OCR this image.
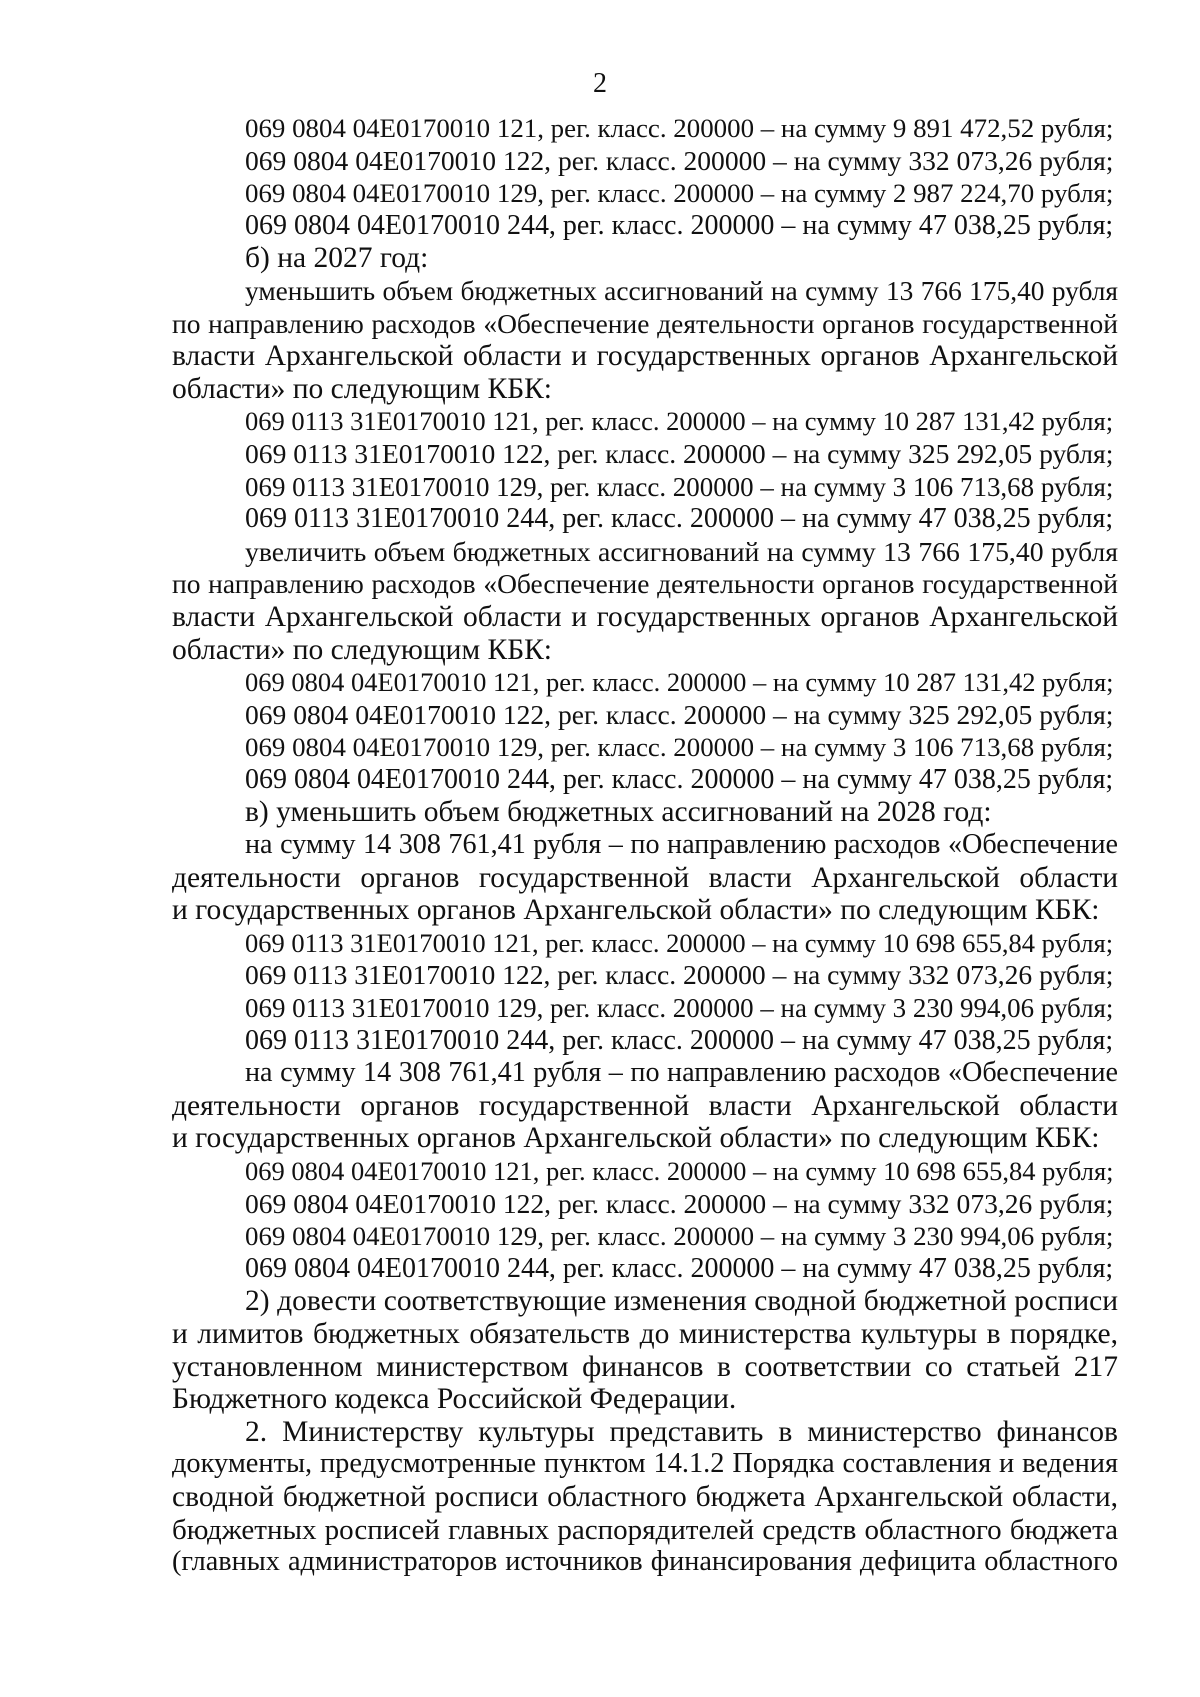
2
069 0804 04Е0170010 121, рег. класс. 200000 – на сумму 9 891 472,52 рубля;
069 0804 04Е0170010 122, рег. класс. 200000 – на сумму 332 073,26 рубля;
069 0804 04Е0170010 129, рег. класс. 200000 – на сумму 2 987 224,70 рубля;
069 0804 04Е0170010 244, рег. класс. 200000 – на сумму 47 038,25 рубля;
б) на 2027 год:
уменьшить объем бюджетных ассигнований на сумму 13 766 175,40 рубля
по направлению расходов «Обеспечение деятельности органов государственной
власти Архангельской области и государственных органов Архангельской
области» по следующим КБК:
069 0113 31Е0170010 121, рег. класс. 200000 – на сумму 10 287 131,42 рубля;
069 0113 31Е0170010 122, рег. класс. 200000 – на сумму 325 292,05 рубля;
069 0113 31Е0170010 129, рег. класс. 200000 – на сумму 3 106 713,68 рубля;
069 0113 31Е0170010 244, рег. класс. 200000 – на сумму 47 038,25 рубля;
увеличить объем бюджетных ассигнований на сумму 13 766 175,40 рубля
по направлению расходов «Обеспечение деятельности органов государственной
власти Архангельской области и государственных органов Архангельской
области» по следующим КБК:
069 0804 04Е0170010 121, рег. класс. 200000 – на сумму 10 287 131,42 рубля;
069 0804 04Е0170010 122, рег. класс. 200000 – на сумму 325 292,05 рубля;
069 0804 04Е0170010 129, рег. класс. 200000 – на сумму 3 106 713,68 рубля;
069 0804 04Е0170010 244, рег. класс. 200000 – на сумму 47 038,25 рубля;
в) уменьшить объем бюджетных ассигнований на 2028 год:
на сумму 14 308 761,41 рубля – по направлению расходов «Обеспечение
деятельности органов государственной власти Архангельской области
и государственных органов Архангельской области» по следующим КБК:
069 0113 31Е0170010 121, рег. класс. 200000 – на сумму 10 698 655,84 рубля;
069 0113 31Е0170010 122, рег. класс. 200000 – на сумму 332 073,26 рубля;
069 0113 31Е0170010 129, рег. класс. 200000 – на сумму 3 230 994,06 рубля;
069 0113 31Е0170010 244, рег. класс. 200000 – на сумму 47 038,25 рубля;
на сумму 14 308 761,41 рубля – по направлению расходов «Обеспечение
деятельности органов государственной власти Архангельской области
и государственных органов Архангельской области» по следующим КБК:
069 0804 04Е0170010 121, рег. класс. 200000 – на сумму 10 698 655,84 рубля;
069 0804 04Е0170010 122, рег. класс. 200000 – на сумму 332 073,26 рубля;
069 0804 04Е0170010 129, рег. класс. 200000 – на сумму 3 230 994,06 рубля;
069 0804 04Е0170010 244, рег. класс. 200000 – на сумму 47 038,25 рубля;
2) довести соответствующие изменения сводной бюджетной росписи
и лимитов бюджетных обязательств до министерства культуры в порядке,
установленном министерством финансов в соответствии со статьей 217
Бюджетного кодекса Российской Федерации.
2. Министерству культуры представить в министерство финансов
документы, предусмотренные пунктом 14.1.2 Порядка составления и ведения
сводной бюджетной росписи областного бюджета Архангельской области,
бюджетных росписей главных распорядителей средств областного бюджета
(главных администраторов источников финансирования дефицита областного
